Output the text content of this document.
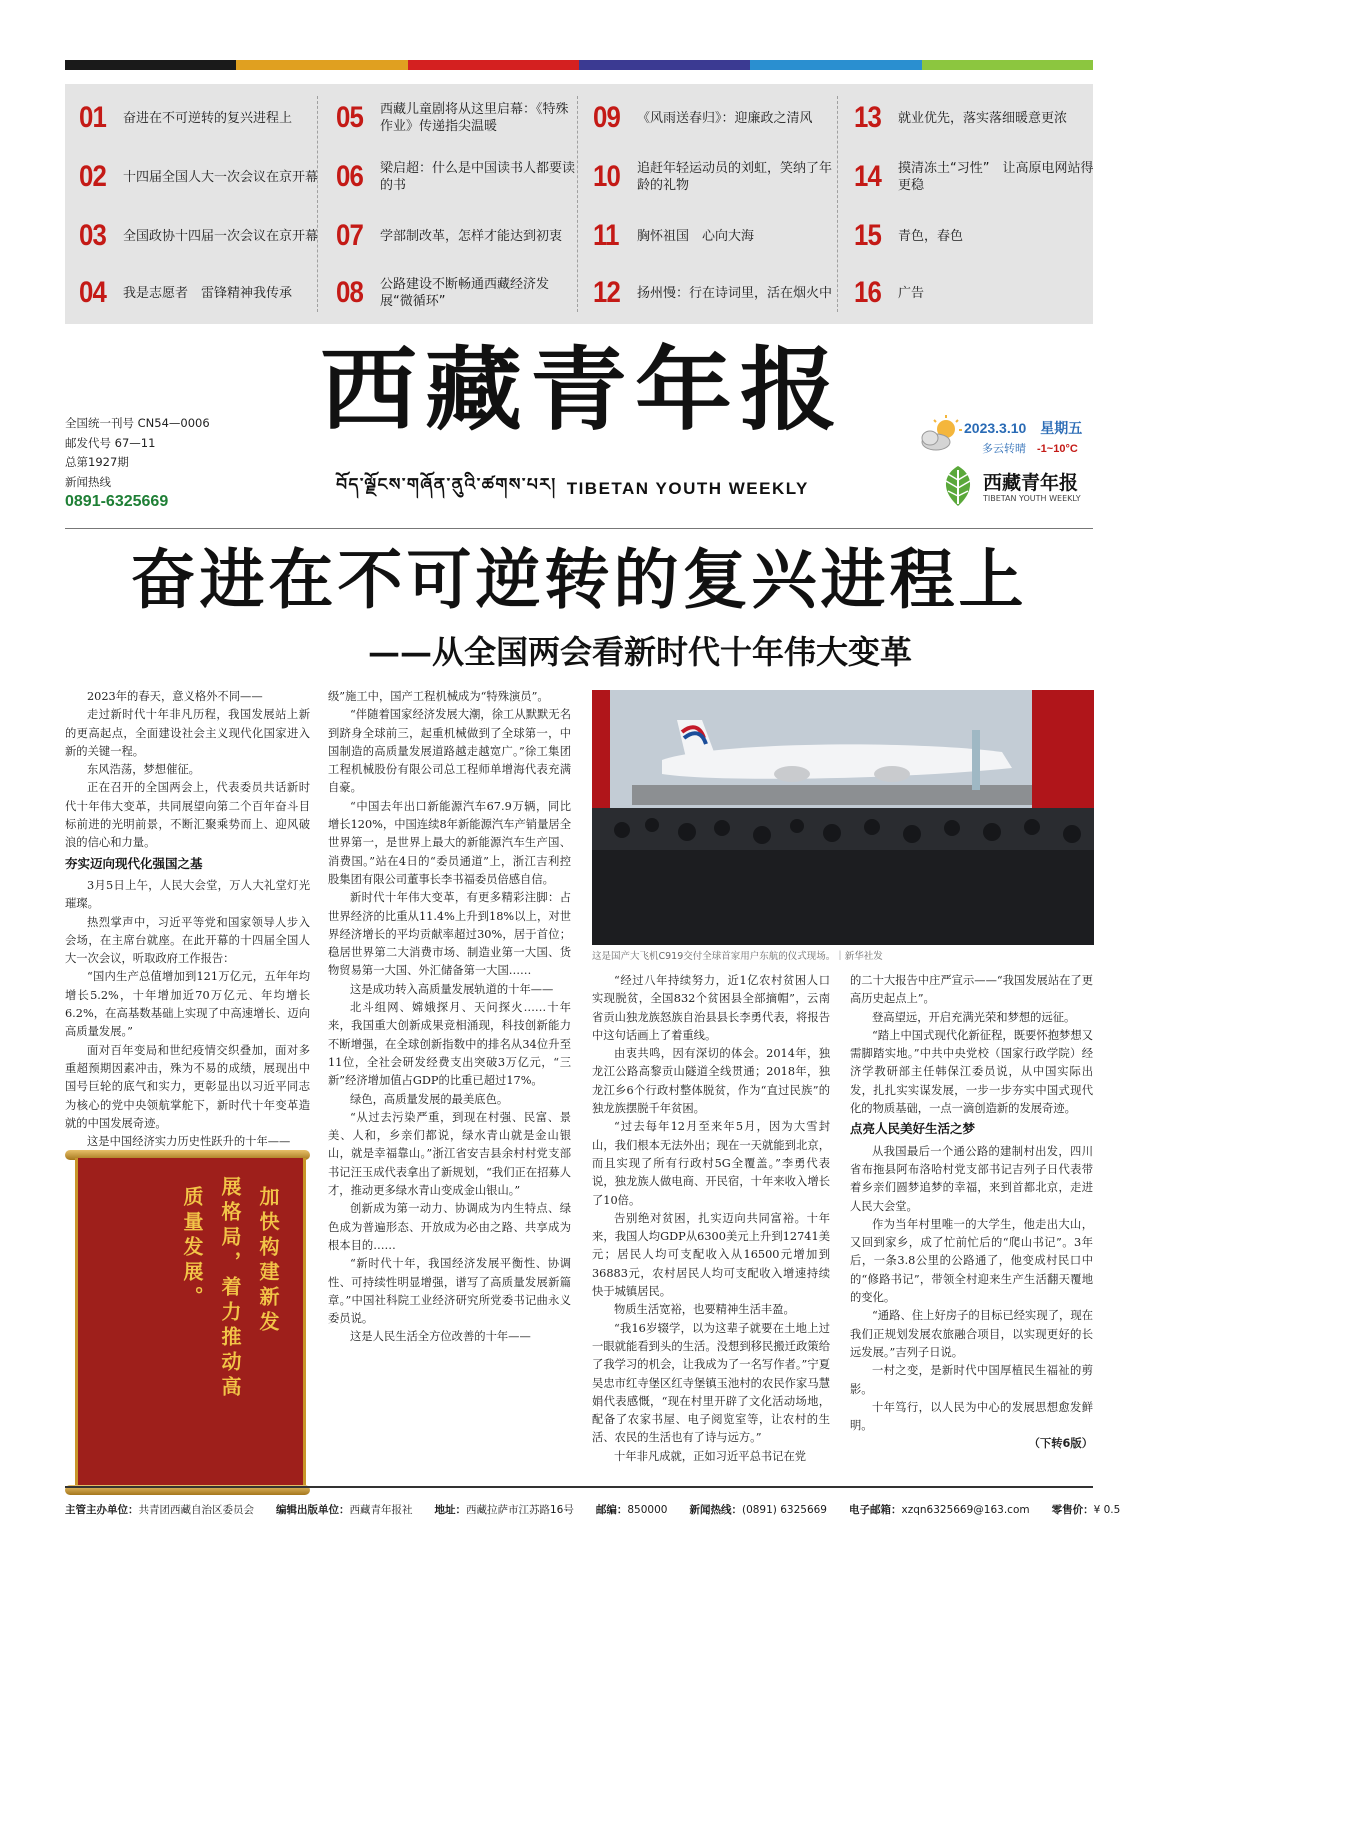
01	奋进在不可逆转的复兴进程上
02	十四届全国人大一次会议在京开幕
03	全国政协十四届一次会议在京开幕
04	我是志愿者　雷锋精神我传承
05	西藏儿童剧将从这里启幕：《特殊作业》传递指尖温暖
06	梁启超：什么是中国读书人都要读的书
07	学部制改革，怎样才能达到初衷
08	公路建设不断畅通西藏经济发展“微循环”
09	《风雨送春归》：迎廉政之清风
10	追赶年轻运动员的刘虹，笑纳了年龄的礼物
11	胸怀祖国　心向大海
12	扬州慢：行在诗词里，活在烟火中
13	就业优先，落实落细暖意更浓
14	摸清冻土“习性”　让高原电网站得更稳
15	青色，春色
16	广告
全国统一刊号 CN54—0006
邮发代号 67—11
总第1927期
新闻热线
0891-6325669
西藏青年报
བོད་ལྗོངས་གཞོན་ནུའི་ཚགས་པར། TIBETAN YOUTH WEEKLY
2023.3.10　星期五
多云转晴　 -1~10°C
西藏青年报
TIBETAN YOUTH WEEKLY
奋进在不可逆转的复兴进程上
——从全国两会看新时代十年伟大变革

2023年的春天，意义格外不同——

走过新时代十年非凡历程，我国发展站上新的更高起点，全面建设社会主义现代化国家进入新的关键一程。

东风浩荡，梦想催征。

正在召开的全国两会上，代表委员共话新时代十年伟大变革，共同展望向第二个百年奋斗目标前进的光明前景，不断汇聚乘势而上、迎风破浪的信心和力量。

夯实迈向现代化强国之基

3月5日上午，人民大会堂，万人大礼堂灯光璀璨。

热烈掌声中，习近平等党和国家领导人步入会场，在主席台就座。在此开幕的十四届全国人大一次会议，听取政府工作报告：

“国内生产总值增加到121万亿元，五年年均增长5.2%，十年增加近70万亿元、年均增长6.2%，在高基数基础上实现了中高速增长、迈向高质量发展。”

面对百年变局和世纪疫情交织叠加，面对多重超预期因素冲击，殊为不易的成绩，展现出中国号巨轮的底气和实力，更彰显出以习近平同志为核心的党中央领航掌舵下，新时代十年变革造就的中国发展奇迹。

这是中国经济实力历史性跃升的十年——

加快构建新发
展格局，着力推动高
质量发展。

级”施工中，国产工程机械成为“特殊演员”。

“伴随着国家经济发展大潮，徐工从默默无名到跻身全球前三，起重机械做到了全球第一，中国制造的高质量发展道路越走越宽广。”徐工集团工程机械股份有限公司总工程师单增海代表充满自豪。

“中国去年出口新能源汽车67.9万辆，同比增长120%，中国连续8年新能源汽车产销量居全世界第一，是世界上最大的新能源汽车生产国、消费国。”站在4日的“委员通道”上，浙江吉利控股集团有限公司董事长李书福委员倍感自信。

新时代十年伟大变革，有更多精彩注脚：占世界经济的比重从11.4%上升到18%以上，对世界经济增长的平均贡献率超过30%，居于首位；稳居世界第二大消费市场、制造业第一大国、货物贸易第一大国、外汇储备第一大国……

这是成功转入高质量发展轨道的十年——

北斗组网、嫦娥探月、天问探火……十年来，我国重大创新成果竞相涌现，科技创新能力不断增强，在全球创新指数中的排名从34位升至11位，全社会研发经费支出突破3万亿元，“三新”经济增加值占GDP的比重已超过17%。

绿色，高质量发展的最美底色。

“从过去污染严重，到现在村强、民富、景美、人和，乡亲们都说，绿水青山就是金山银山，就是幸福靠山。”浙江省安吉县余村村党支部书记汪玉成代表拿出了新规划，“我们正在招募人才，推动更多绿水青山变成金山银山。”

创新成为第一动力、协调成为内生特点、绿色成为普遍形态、开放成为必由之路、共享成为根本目的……

“新时代十年，我国经济发展平衡性、协调性、可持续性明显增强，谱写了高质量发展新篇章。”中国社科院工业经济研究所党委书记曲永义委员说。

这是人民生活全方位改善的十年——

这是国产大飞机C919交付全球首家用户东航的仪式现场。｜新华社发

“经过八年持续努力，近1亿农村贫困人口实现脱贫，全国832个贫困县全部摘帽”，云南省贡山独龙族怒族自治县县长李勇代表，将报告中这句话画上了着重线。

由衷共鸣，因有深切的体会。2014年，独龙江公路高黎贡山隧道全线贯通；2018年，独龙江乡6个行政村整体脱贫，作为“直过民族”的独龙族摆脱千年贫困。

“过去每年12月至来年5月，因为大雪封山，我们根本无法外出；现在一天就能到北京，而且实现了所有行政村5G全覆盖。”李勇代表说，独龙族人做电商、开民宿，十年来收入增长了10倍。

告别绝对贫困，扎实迈向共同富裕。十年来，我国人均GDP从6300美元上升到12741美元；居民人均可支配收入从16500元增加到36883元，农村居民人均可支配收入增速持续快于城镇居民。

物质生活宽裕，也要精神生活丰盈。

“我16岁辍学，以为这辈子就要在土地上过一眼就能看到头的生活。没想到移民搬迁政策给了我学习的机会，让我成为了一名写作者。”宁夏吴忠市红寺堡区红寺堡镇玉池村的农民作家马慧娟代表感慨，“现在村里开辟了文化活动场地，配备了农家书屋、电子阅览室等，让农村的生活、农民的生活也有了诗与远方。”

十年非凡成就，正如习近平总书记在党

的二十大报告中庄严宣示——“我国发展站在了更高历史起点上”。

登高望远，开启充满光荣和梦想的远征。

“踏上中国式现代化新征程，既要怀抱梦想又需脚踏实地。”中共中央党校（国家行政学院）经济学教研部主任韩保江委员说，从中国实际出发，扎扎实实谋发展，一步一步夯实中国式现代化的物质基础，一点一滴创造新的发展奇迹。

点亮人民美好生活之梦

从我国最后一个通公路的建制村出发，四川省布拖县阿布洛哈村党支部书记吉列子日代表带着乡亲们圆梦追梦的幸福，来到首都北京，走进人民大会堂。

作为当年村里唯一的大学生，他走出大山，又回到家乡，成了忙前忙后的“爬山书记”。3年后，一条3.8公里的公路通了，他变成村民口中的“修路书记”，带领全村迎来生产生活翻天覆地的变化。

“通路、住上好房子的目标已经实现了，现在我们正规划发展农旅融合项目，以实现更好的长远发展。”吉列子日说。

一村之变，是新时代中国厚植民生福祉的剪影。

十年笃行，以人民为中心的发展思想愈发鲜明。

（下转6版）

主管主办单位：共青团西藏自治区委员会 编辑出版单位：西藏青年报社 地址：西藏拉萨市江苏路16号 邮编：850000 新闻热线：(0891) 6325669 电子邮箱：xzqn6325669@163.com 零售价：¥ 0.5
